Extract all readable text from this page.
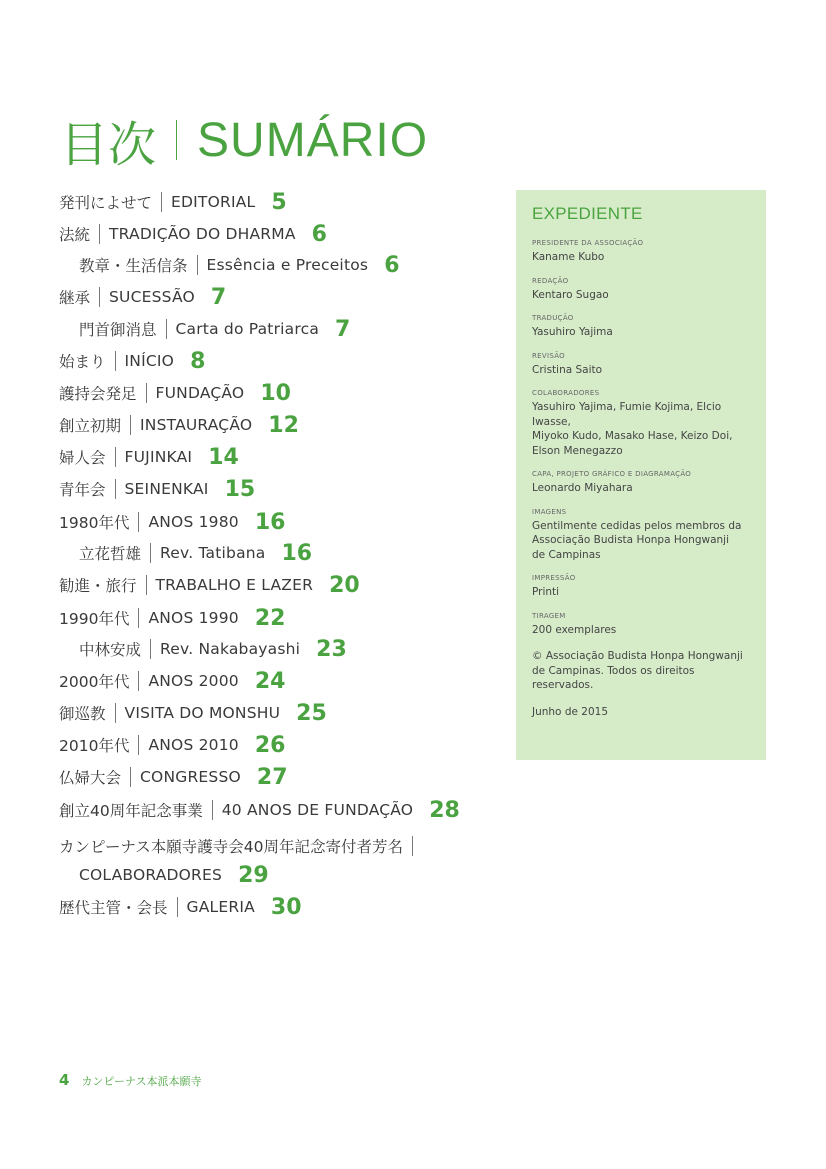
目次 SUMÁRIO
発刊によせて EDITORIAL 5
法統 TRADIÇÃO DO DHARMA 6
教章・生活信条 Essência e Preceitos 6
継承 SUCESSÃO 7
門首御消息 Carta do Patriarca 7
始まり INÍCIO 8
護持会発足 FUNDAÇÃO 10
創立初期 INSTAURAÇÃO 12
婦人会 FUJINKAI 14
青年会 SEINENKAI 15
1980年代 ANOS 1980 16
立花哲雄 Rev. Tatibana 16
勧進・旅行 TRABALHO E LAZER 20
1990年代 ANOS 1990 22
中林安成 Rev. Nakabayashi 23
2000年代 ANOS 2000 24
御巡教 VISITA DO MONSHU 25
2010年代 ANOS 2010 26
仏婦大会 CONGRESSO 27
創立40周年記念事業 40 ANOS DE FUNDAÇÃO 28
カンピーナス本願寺護寺会40周年記念寄付者芳名
COLABORADORES 29
歴代主管・会長 GALERIA 30
EXPEDIENTE
PRESIDENTE DA ASSOCIAÇÃO
Kaname Kubo
REDAÇÃO
Kentaro Sugao
TRADUÇÃO
Yasuhiro Yajima
REVISÃO
Cristina Saito
COLABORADORES
Yasuhiro Yajima, Fumie Kojima, Elcio Iwasse,
Miyoko Kudo, Masako Hase, Keizo Doi,
Elson Menegazzo
CAPA, PROJETO GRÁFICO E DIAGRAMAÇÃO
Leonardo Miyahara
IMAGENS
Gentilmente cedidas pelos membros da
Associação Budista Honpa Hongwanji
de Campinas
IMPRESSÃO
Printi
TIRAGEM
200 exemplares
© Associação Budista Honpa Hongwanji
de Campinas. Todos os direitos reservados.
Junho de 2015
4 カンピーナス本派本願寺
